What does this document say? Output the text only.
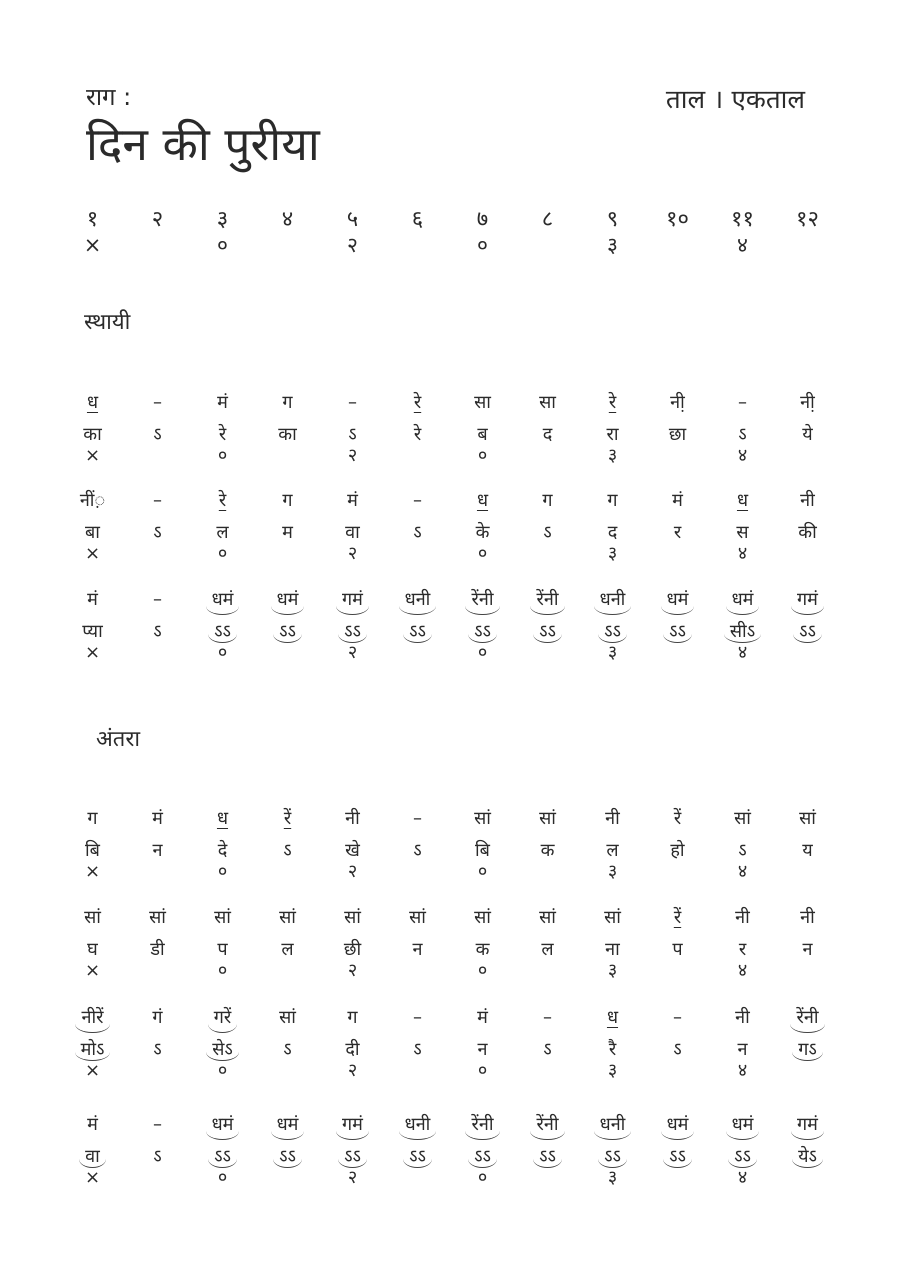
राग :
दिन की पुरीया
ताल । एकताल
१
×
२ ३
०
४ ५
२
६ ७
०
८ ९
३
१० ११
४
१२
स्थायी
अंतरा
ध
का
×
–
ऽ
मं
रे
०
ग
का
–
ऽ
२
रे
रे
सा
ब
०
सा
द
रे
रा
३
नी़
छा
–
ऽ
४
नी़
ये
नीं़
बा
×
–
ऽ
रे
ल
०
ग
म
मं
वा
२
–
ऽ
ध
के
०
ग
ऽ
ग
द
३
मं
र
ध
स
४
नी
की
मं
प्या
×
–
ऽ
धमं
ऽऽ
०
धमं
ऽऽ
गमं
ऽऽ
२
धनी
ऽऽ
रेंनी
ऽऽ
०
रेंनी
ऽऽ
धनी
ऽऽ
३
धमं
ऽऽ
धमं
सीऽ
४
गमं
ऽऽ
ग
बि
×
मं
न
ध
दे
०
रें
ऽ
नी
खे
२
–
ऽ
सां
बि
०
सां
क
नी
ल
३
रें
हो
सां
ऽ
४
सां
य
सां
घ
×
सां
डी
सां
प
०
सां
ल
सां
छी
२
सां
न
सां
क
०
सां
ल
सां
ना
३
रें
प
नी
र
४
नी
न
नीरें
मोऽ
×
गं
ऽ
गरें
सेऽ
०
सां
ऽ
ग
दी
२
–
ऽ
मं
न
०
–
ऽ
ध
रै
३
–
ऽ
नी
न
४
रेंनी
गऽ
मं
वा
×
–
ऽ
धमं
ऽऽ
०
धमं
ऽऽ
गमं
ऽऽ
२
धनी
ऽऽ
रेंनी
ऽऽ
०
रेंनी
ऽऽ
धनी
ऽऽ
३
धमं
ऽऽ
धमं
ऽऽ
४
गमं
येऽ
